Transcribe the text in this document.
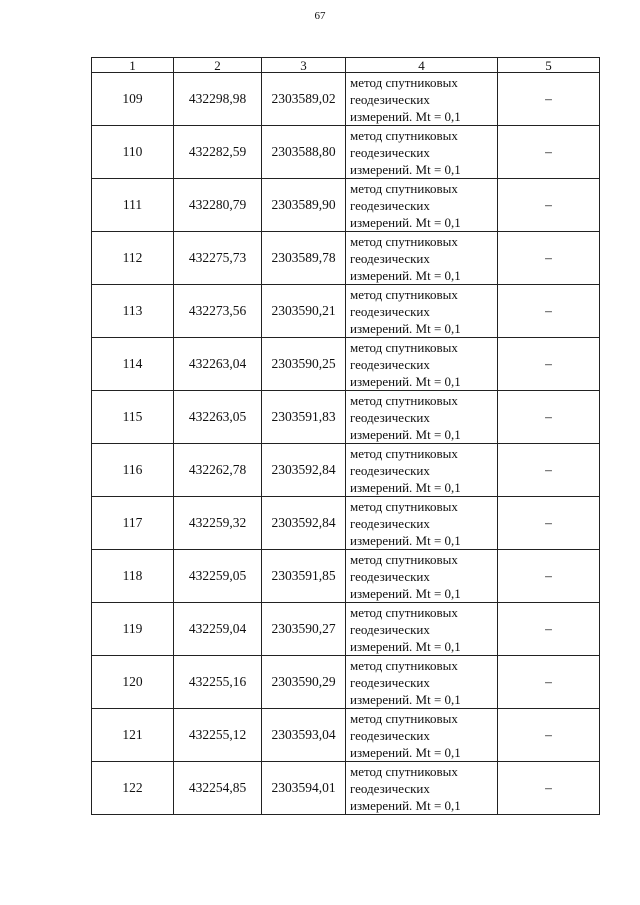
67
1	2	3	4	5
109	432298,98	2303589,02	метод спутниковых
геодезических
измерений. Mt = 0,1	–
110	432282,59	2303588,80	метод спутниковых
геодезических
измерений. Mt = 0,1	–
111	432280,79	2303589,90	метод спутниковых
геодезических
измерений. Mt = 0,1	–
112	432275,73	2303589,78	метод спутниковых
геодезических
измерений. Mt = 0,1	–
113	432273,56	2303590,21	метод спутниковых
геодезических
измерений. Mt = 0,1	–
114	432263,04	2303590,25	метод спутниковых
геодезических
измерений. Mt = 0,1	–
115	432263,05	2303591,83	метод спутниковых
геодезических
измерений. Mt = 0,1	–
116	432262,78	2303592,84	метод спутниковых
геодезических
измерений. Mt = 0,1	–
117	432259,32	2303592,84	метод спутниковых
геодезических
измерений. Mt = 0,1	–
118	432259,05	2303591,85	метод спутниковых
геодезических
измерений. Mt = 0,1	–
119	432259,04	2303590,27	метод спутниковых
геодезических
измерений. Mt = 0,1	–
120	432255,16	2303590,29	метод спутниковых
геодезических
измерений. Mt = 0,1	–
121	432255,12	2303593,04	метод спутниковых
геодезических
измерений. Mt = 0,1	–
122	432254,85	2303594,01	метод спутниковых
геодезических
измерений. Mt = 0,1	–
